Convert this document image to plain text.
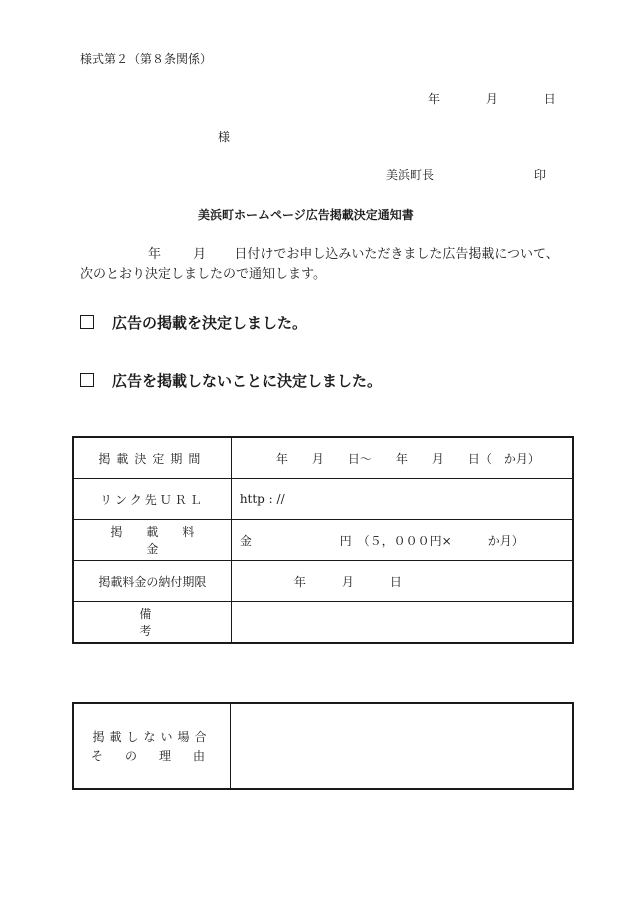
様式第２（第８条関係）
年	月	日
様
美浜町長	印
美浜町ホームページ広告掲載決定通知書
年 月 日付けでお申し込みいただきました広告掲載について、
次のとおり決定しましたので通知します。
広告の掲載を決定しました。
広告を掲載しないことに決定しました。
掲載決定期間	年　　月　　日～　　年　　月　　日（　か月）

リンク先ＵＲＬ	http : //

掲載料金	金 円　（５，０００円×　　　か月）

掲載料金の納付期限	年　　　月　　　日

備考	

掲載しない場合
その理由
